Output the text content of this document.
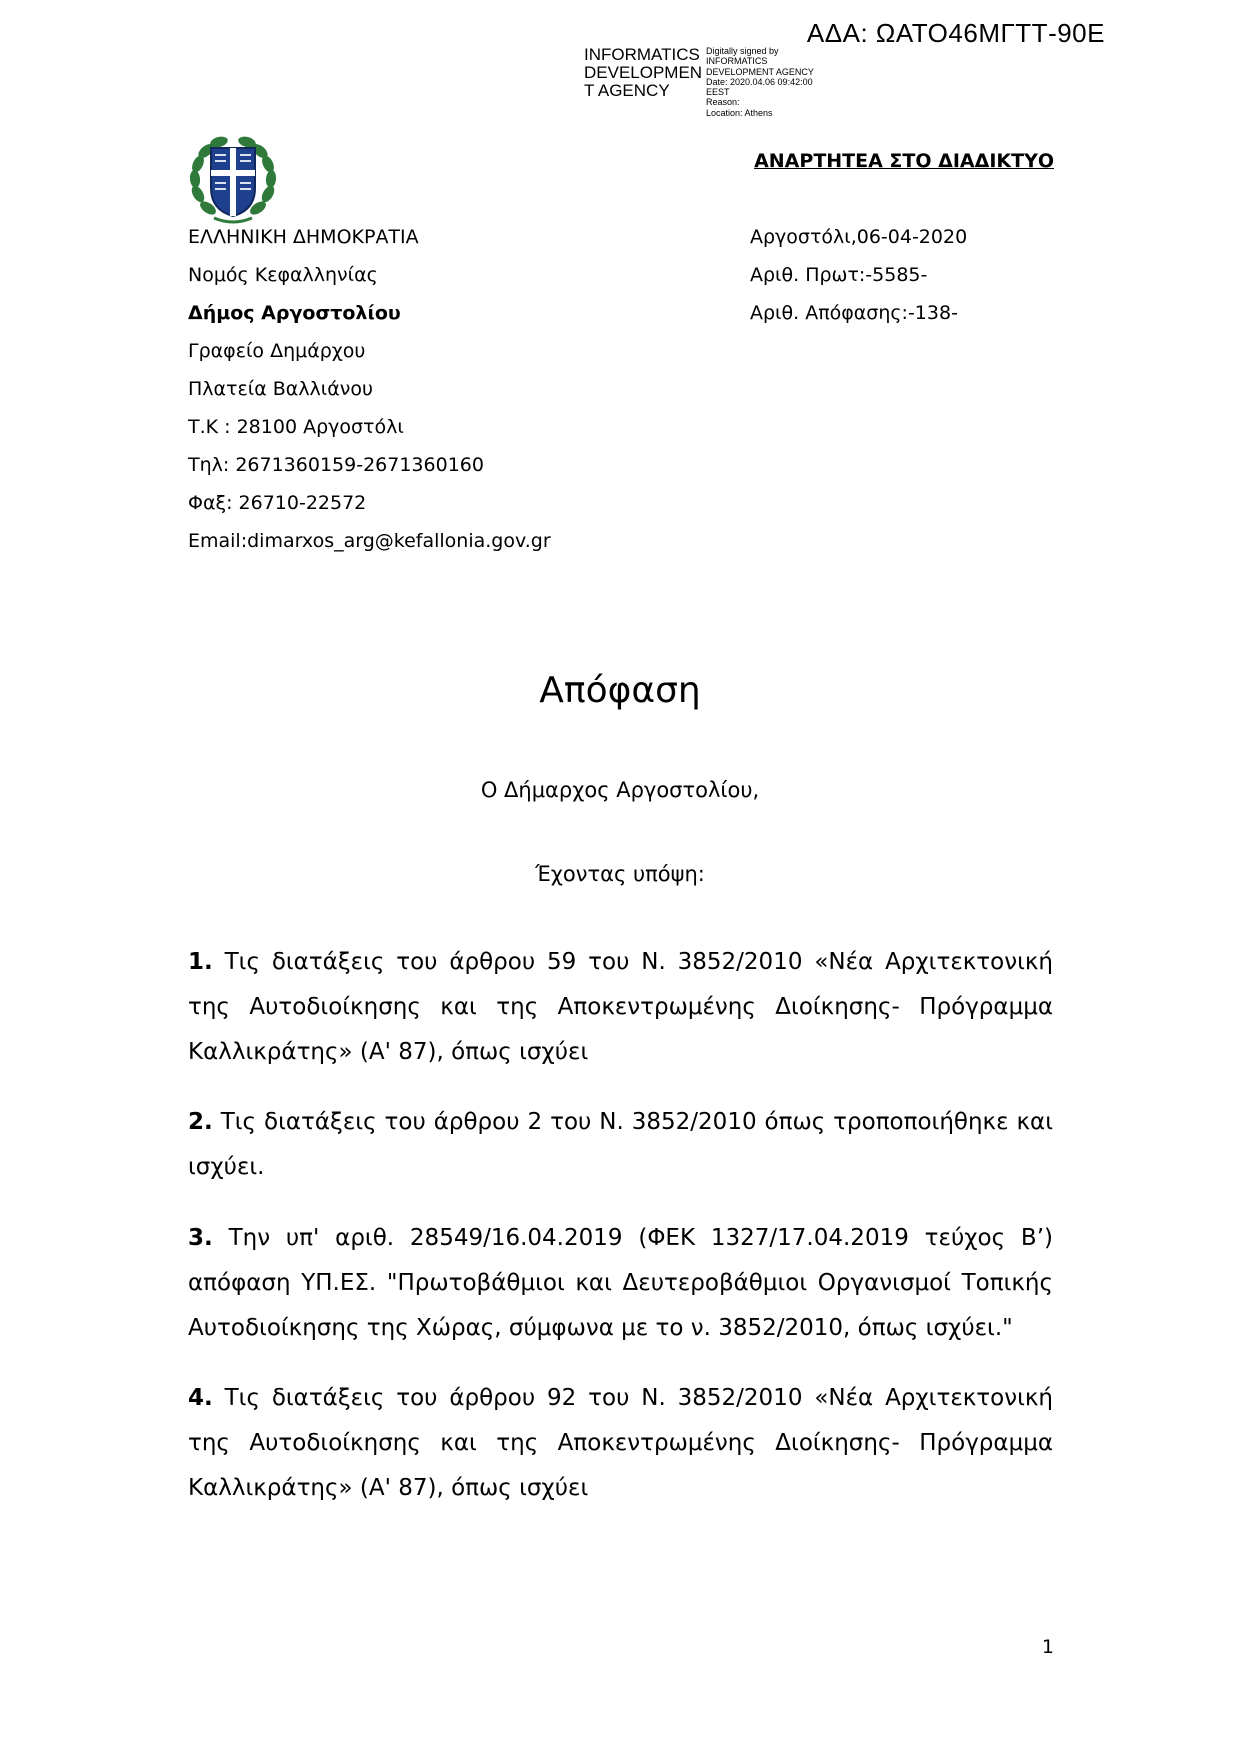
ΑΔΑ: ΩΑΤΟ46ΜΓΤΤ-90Ε
INFORMATICS DEVELOPMEN T AGENCY
Digitally signed by
INFORMATICS
DEVELOPMENT AGENCY
Date: 2020.04.06 09:42:00
EEST
Reason:
Location: Athens
ΑΝΑΡΤΗΤΕΑ ΣΤΟ ΔΙΑΔΙΚΤΥΟ
ΕΛΛΗΝΙΚΗ ΔΗΜΟΚΡΑΤΙΑ
Νομός Κεφαλληνίας
Δήμος Αργοστολίου
Γραφείο Δημάρχου
Πλατεία Βαλλιάνου
Τ.Κ : 28100 Αργοστόλι
Τηλ: 2671360159-2671360160
Φαξ: 26710-22572
Email:dimarxos_arg@kefallonia.gov.gr
Αργοστόλι,06-04-2020
Αριθ. Πρωτ:-5585-
Αριθ. Απόφασης:-138-
Απόφαση
Ο Δήμαρχος Αργοστολίου,
Έχοντας υπόψη:
1. Τις διατάξεις του άρθρου 59 του Ν. 3852/2010 «Νέα Αρχιτεκτονική της Αυτοδιοίκησης και της Αποκεντρωμένης Διοίκησης- Πρόγραμμα Καλλικράτης» (Α' 87), όπως ισχύει
2. Τις διατάξεις του άρθρου 2 του Ν. 3852/2010 όπως τροποποιήθηκε και ισχύει.
3. Την υπ' αριθ. 28549/16.04.2019 (ΦΕΚ 1327/17.04.2019 τεύχος Β’) απόφαση ΥΠ.ΕΣ. "Πρωτοβάθμιοι και Δευτεροβάθμιοι Οργανισμοί Τοπικής Αυτοδιοίκησης της Χώρας, σύμφωνα με το ν. 3852/2010, όπως ισχύει."
4. Τις διατάξεις του άρθρου 92 του Ν. 3852/2010 «Νέα Αρχιτεκτονική της Αυτοδιοίκησης και της Αποκεντρωμένης Διοίκησης- Πρόγραμμα Καλλικράτης» (Α' 87), όπως ισχύει
1
